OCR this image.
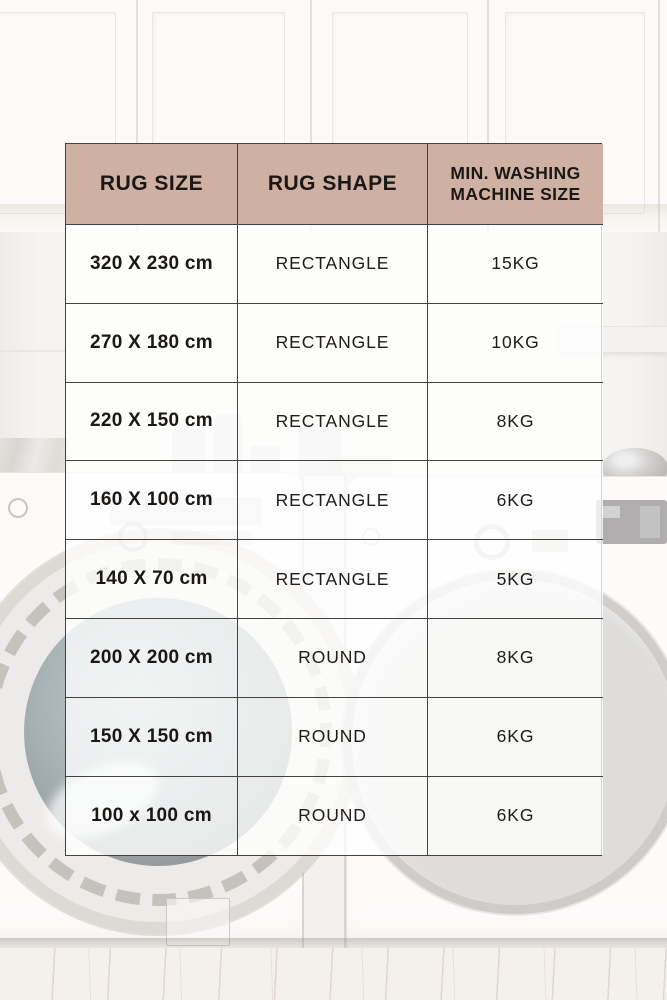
RUG SIZE	RUG SHAPE	MIN. WASHING MACHINE SIZE
320 X 230 cm	RECTANGLE	15KG
270 X 180 cm	RECTANGLE	10KG
220 X 150 cm	RECTANGLE	8KG
160 X 100 cm	RECTANGLE	6KG
140 X 70 cm	RECTANGLE	5KG
200 X 200 cm	ROUND	8KG
150 X 150 cm	ROUND	6KG
100 x 100 cm	ROUND	6KG
